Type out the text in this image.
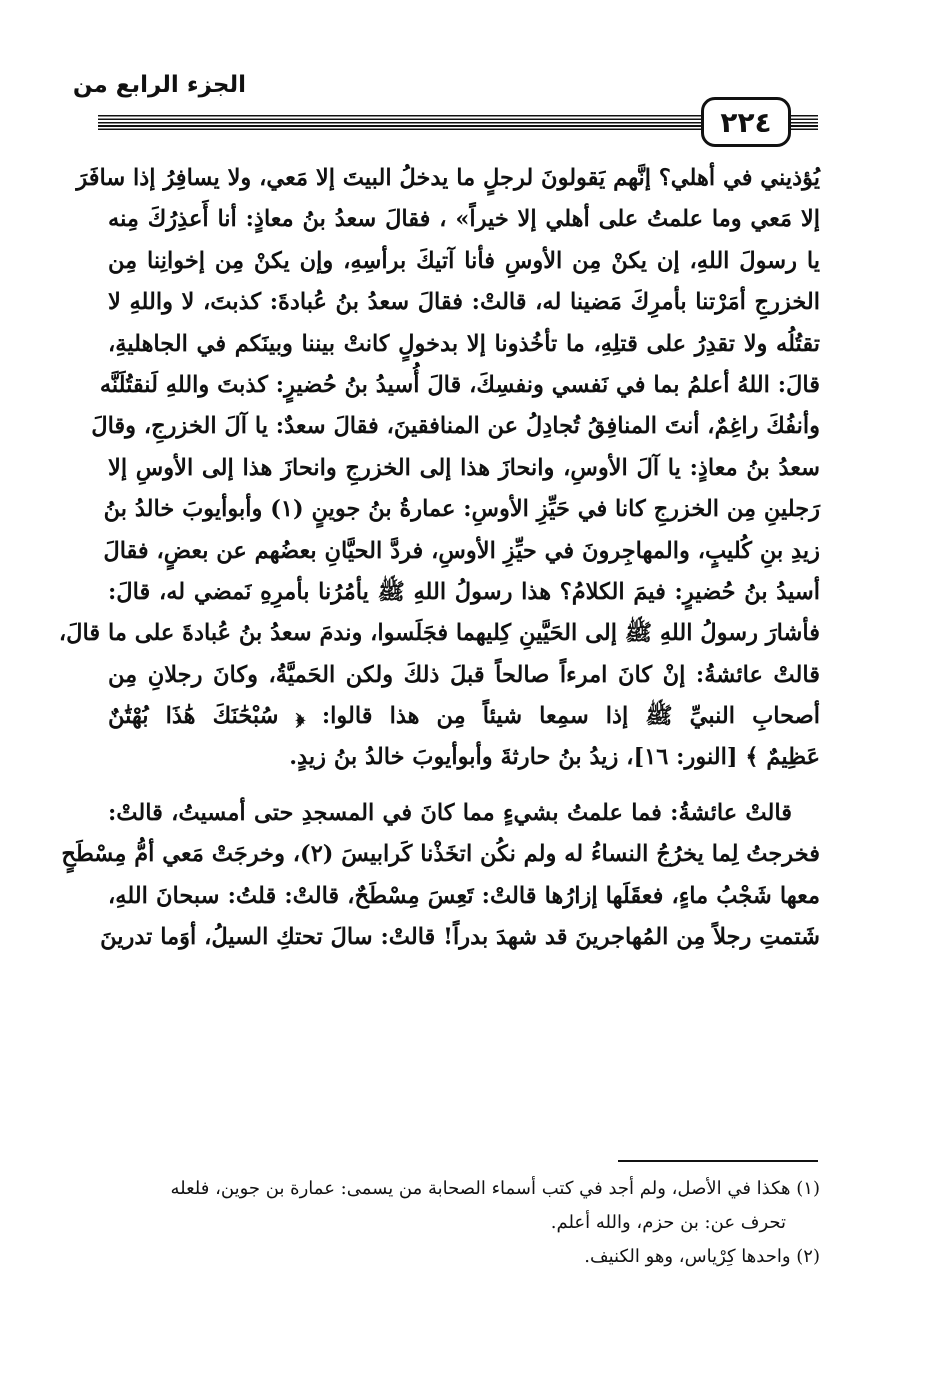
الجزء الرابع من
٢٢٤
يُؤذيني في أهلي؟ إنَّهم يَقولونَ لرجلٍ ما يدخلُ البيتَ إلا مَعي، ولا يسافِرُ إذا سافَرَ
إلا مَعي وما علمتُ على أهلي إلا خيراً» ، فقالَ سعدُ بنُ معاذٍ: أنا أَعذِرُكَ مِنه
يا رسولَ اللهِ، إن يكنْ مِن الأوسِ فأنا آتيكَ برأسِهِ، وإن يكنْ مِن إخوانِنا مِن
الخزرجِ أمَرْتنا بأمرِكَ مَضينا له، قالتْ: فقالَ سعدُ بنُ عُبادةَ: كذبتَ، لا واللهِ لا
تقتُلُه ولا تقدِرُ على قتلِهِ، ما تأخُذونا إلا بدخولٍ كانتْ بيننا وبينَكم في الجاهليةِ،
قالَ: اللهُ أعلمُ بما في نَفسي ونفسِكَ، قالَ أُسيدُ بنُ حُضيرٍ: كذبتَ واللهِ لَنقتُلَنَّه
وأنفُكَ راغِمٌ، أنتَ المنافِقُ تُجادِلُ عن المنافقينَ، فقالَ سعدٌ: يا آلَ الخزرجِ، وقالَ
سعدُ بنُ معاذٍ: يا آلَ الأوسِ، وانحازَ هذا إلى الخزرجِ وانحازَ هذا إلى الأوسِ إلا
رَجلينِ مِن الخزرجِ كانا في حَيِّزِ الأوسِ: عمارةُ بنُ جوينٍ (١) وأبوأيوبَ خالدُ بنُ
زيدِ بنِ كُليبٍ، والمهاجِرونَ في حيِّزِ الأوسِ، فردَّ الحيَّانِ بعضُهم عن بعضٍ، فقالَ
أسيدُ بنُ حُضيرٍ: فيمَ الكلامُ؟ هذا رسولُ اللهِ ﷺ يأمُرُنا بأمرِهِ نَمضي له، قالَ:
فأشارَ رسولُ اللهِ ﷺ إلى الحَيَّينِ كِليهما فجَلَسوا، وندمَ سعدُ بنُ عُبادةَ على ما قالَ،
قالتْ عائشةُ: إنْ كانَ امرءاً صالحاً قبلَ ذلكَ ولكن الحَميَّةُ، وكانَ رجلانِ مِن
أصحابِ النبيِّ ﷺ إذا سمِعا شيئاً مِن هذا قالوا: ﴿ سُبْحَٰنَكَ هَٰذَا بُهْتَٰنٌ
عَظِيمٌ ﴾ [النور: ١٦]، زيدُ بنُ حارثةَ وأبوأيوبَ خالدُ بنُ زيدٍ.
قالتْ عائشةُ: فما علمتُ بشيءٍ مما كانَ في المسجدِ حتى أمسيتُ، قالتْ:
فخرجتُ لِما يخرُجُ النساءُ له ولم نكُن اتخَذْنا كَرابيسَ (٢)، وخرجَتْ مَعي أمُّ مِسْطَحٍ
معها شَجْبُ ماءٍ، فعقَلَها إزارُها قالتْ: تَعِسَ مِسْطَحٌ، قالتْ: قلتُ: سبحانَ اللهِ،
شَتمتِ رجلاً مِن المُهاجرينَ قد شهدَ بدراً! قالتْ: سالَ تحتكِ السيلُ، أوَما تدرينَ
(١) هكذا في الأصل، ولم أجد في كتب أسماء الصحابة من يسمى: عمارة بن جوين، فلعله
تحرف عن: بن حزم، والله أعلم.
(٢) واحدها كِرْياس، وهو الكنيف.
